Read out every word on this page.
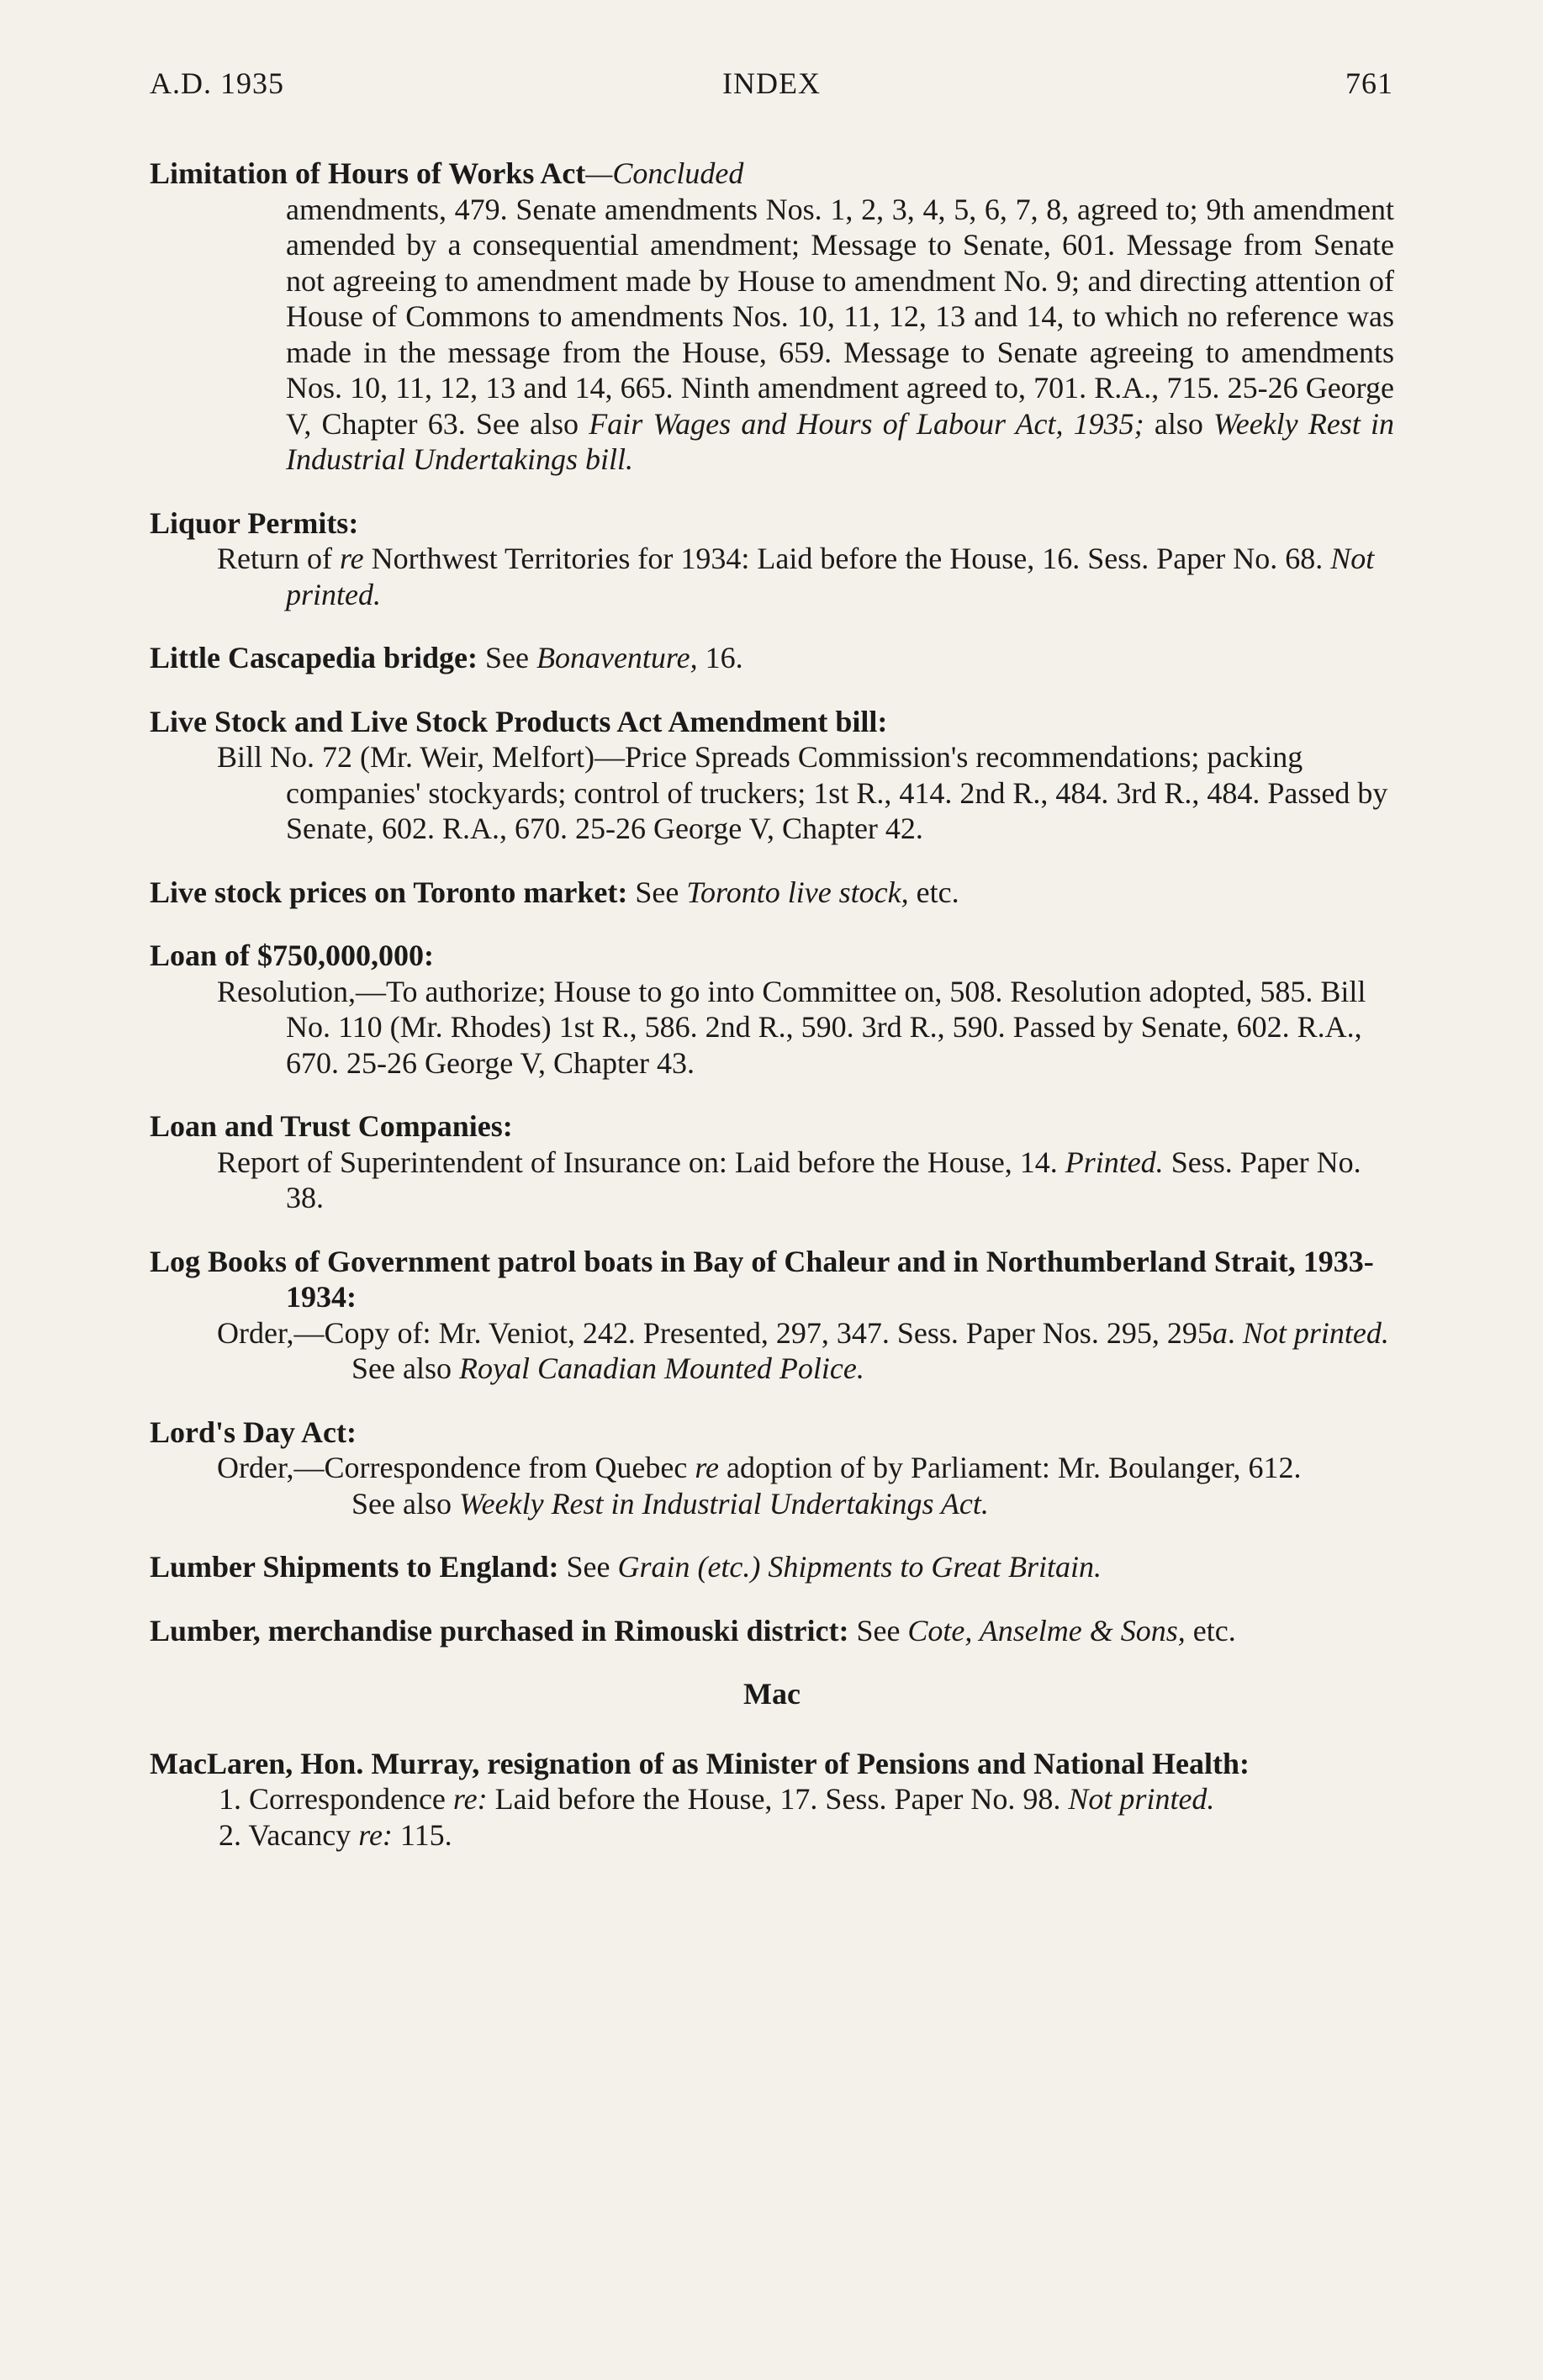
A.D. 1935	INDEX	761
Limitation of Hours of Works Act—Concluded
amendments, 479. Senate amendments Nos. 1, 2, 3, 4, 5, 6, 7, 8, agreed to; 9th amendment amended by a consequential amendment; Message to Senate, 601. Message from Senate not agreeing to amendment made by House to amendment No. 9; and directing attention of House of Commons to amendments Nos. 10, 11, 12, 13 and 14, to which no reference was made in the message from the House, 659. Message to Senate agreeing to amendments Nos. 10, 11, 12, 13 and 14, 665. Ninth amendment agreed to, 701. R.A., 715. 25-26 George V, Chapter 63. See also Fair Wages and Hours of Labour Act, 1935; also Weekly Rest in Industrial Undertakings bill.
Liquor Permits:
Return of re Northwest Territories for 1934: Laid before the House, 16. Sess. Paper No. 68. Not printed.
Little Cascapedia bridge: See Bonaventure, 16.
Live Stock and Live Stock Products Act Amendment bill:
Bill No. 72 (Mr. Weir, Melfort)—Price Spreads Commission's recommendations; packing companies' stockyards; control of truckers; 1st R., 414. 2nd R., 484. 3rd R., 484. Passed by Senate, 602. R.A., 670. 25-26 George V, Chapter 42.
Live stock prices on Toronto market: See Toronto live stock, etc.
Loan of $750,000,000:
Resolution,—To authorize; House to go into Committee on, 508. Resolution adopted, 585. Bill No. 110 (Mr. Rhodes) 1st R., 586. 2nd R., 590. 3rd R., 590. Passed by Senate, 602. R.A., 670. 25-26 George V, Chapter 43.
Loan and Trust Companies:
Report of Superintendent of Insurance on: Laid before the House, 14. Printed. Sess. Paper No. 38.
Log Books of Government patrol boats in Bay of Chaleur and in Northumberland Strait, 1933-1934:
Order,—Copy of: Mr. Veniot, 242. Presented, 297, 347. Sess. Paper Nos. 295, 295a. Not printed.
See also Royal Canadian Mounted Police.
Lord's Day Act:
Order,—Correspondence from Quebec re adoption of by Parliament: Mr. Boulanger, 612.
See also Weekly Rest in Industrial Undertakings Act.
Lumber Shipments to England: See Grain (etc.) Shipments to Great Britain.
Lumber, merchandise purchased in Rimouski district: See Cote, Anselme & Sons, etc.
Mac
MacLaren, Hon. Murray, resignation of as Minister of Pensions and National Health:
1. Correspondence re: Laid before the House, 17. Sess. Paper No. 98. Not printed.
2. Vacancy re: 115.
